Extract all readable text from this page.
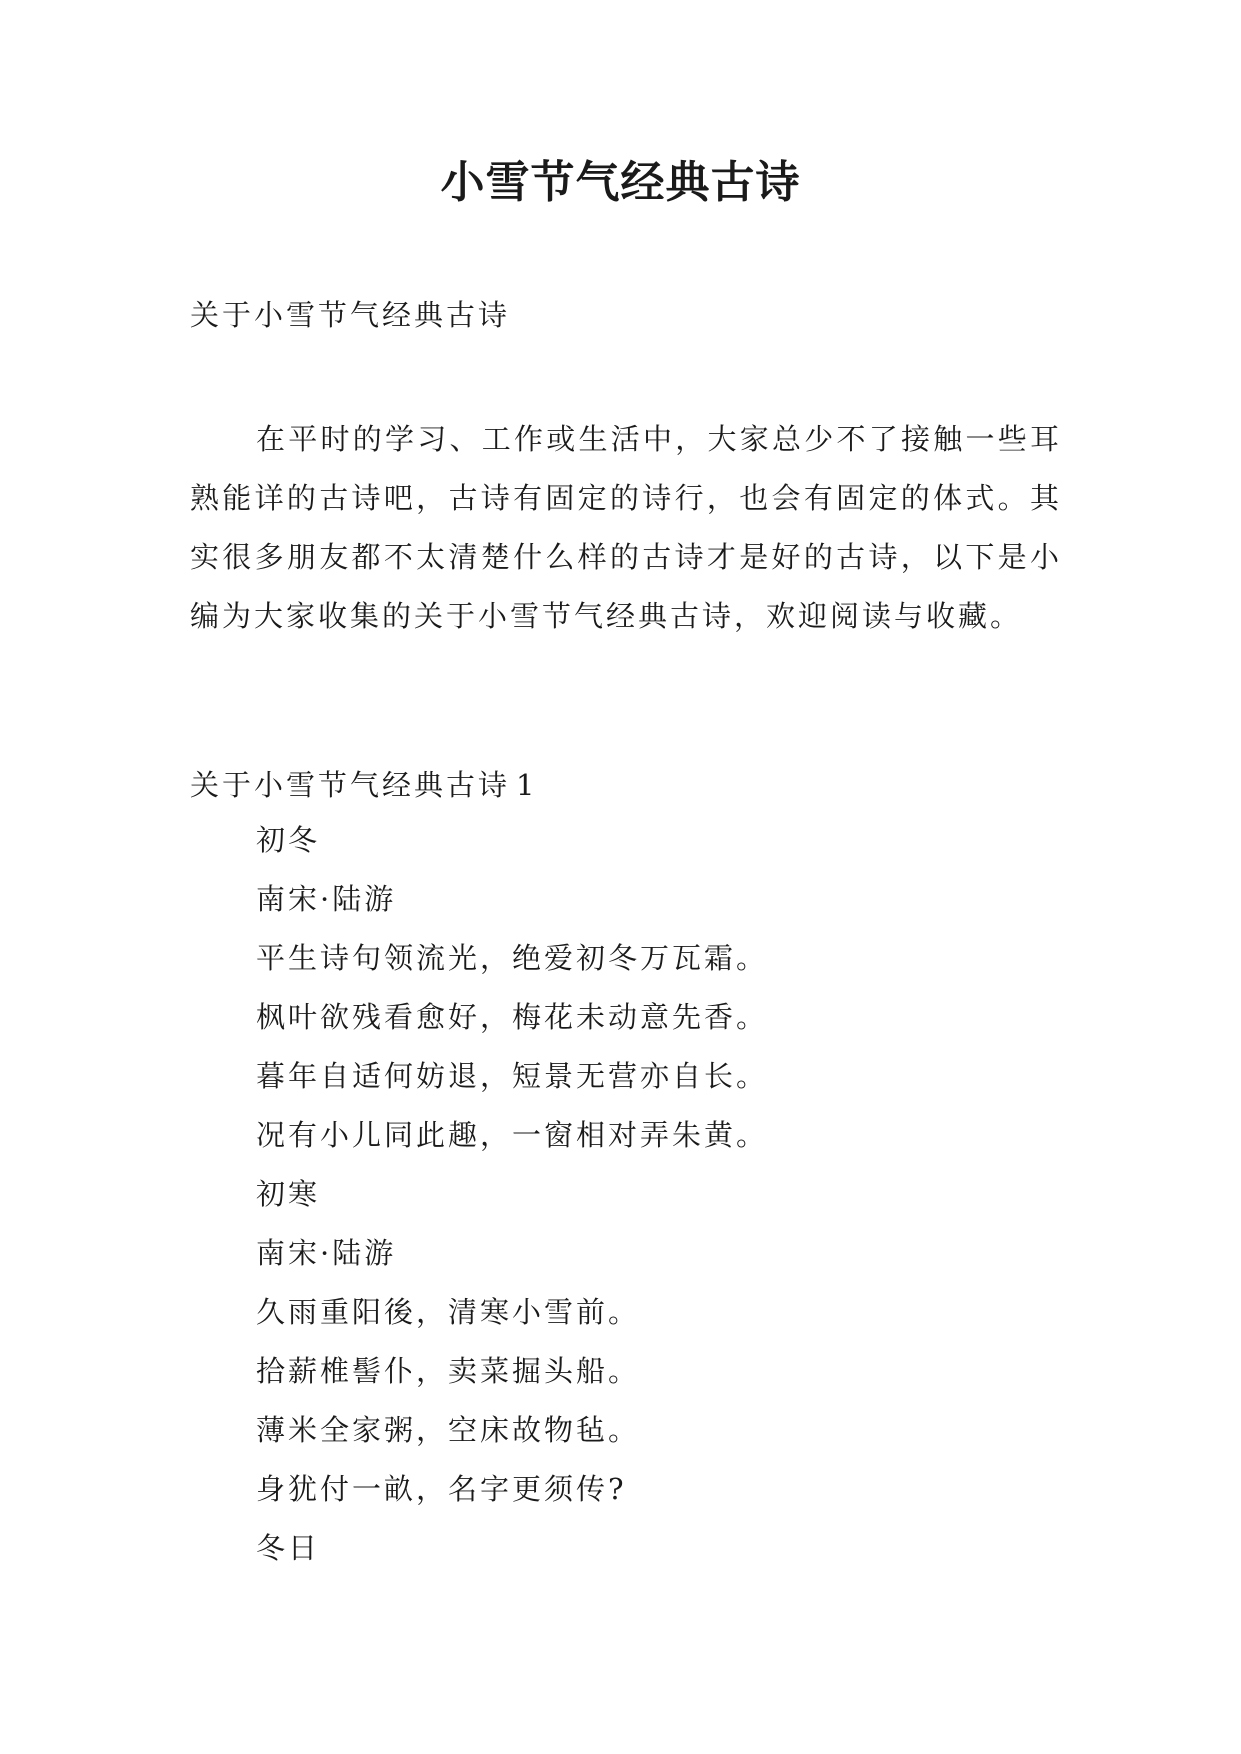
小雪节气经典古诗

关于小雪节气经典古诗

在平时的学习、工作或生活中，大家总少不了接触一些耳熟能详的古诗吧，古诗有固定的诗行，也会有固定的体式。其实很多朋友都不太清楚什么样的古诗才是好的古诗，以下是小编为大家收集的关于小雪节气经典古诗，欢迎阅读与收藏。

关于小雪节气经典古诗 1

初冬
南宋·陆游
平生诗句领流光，绝爱初冬万瓦霜。
枫叶欲残看愈好，梅花未动意先香。
暮年自适何妨退，短景无营亦自长。
况有小儿同此趣，一窗相对弄朱黄。
初寒
南宋·陆游
久雨重阳後，清寒小雪前。
拾薪椎髻仆，卖菜掘头船。
薄米全家粥，空床故物毡。
身犹付一畝，名字更须传?
冬日
